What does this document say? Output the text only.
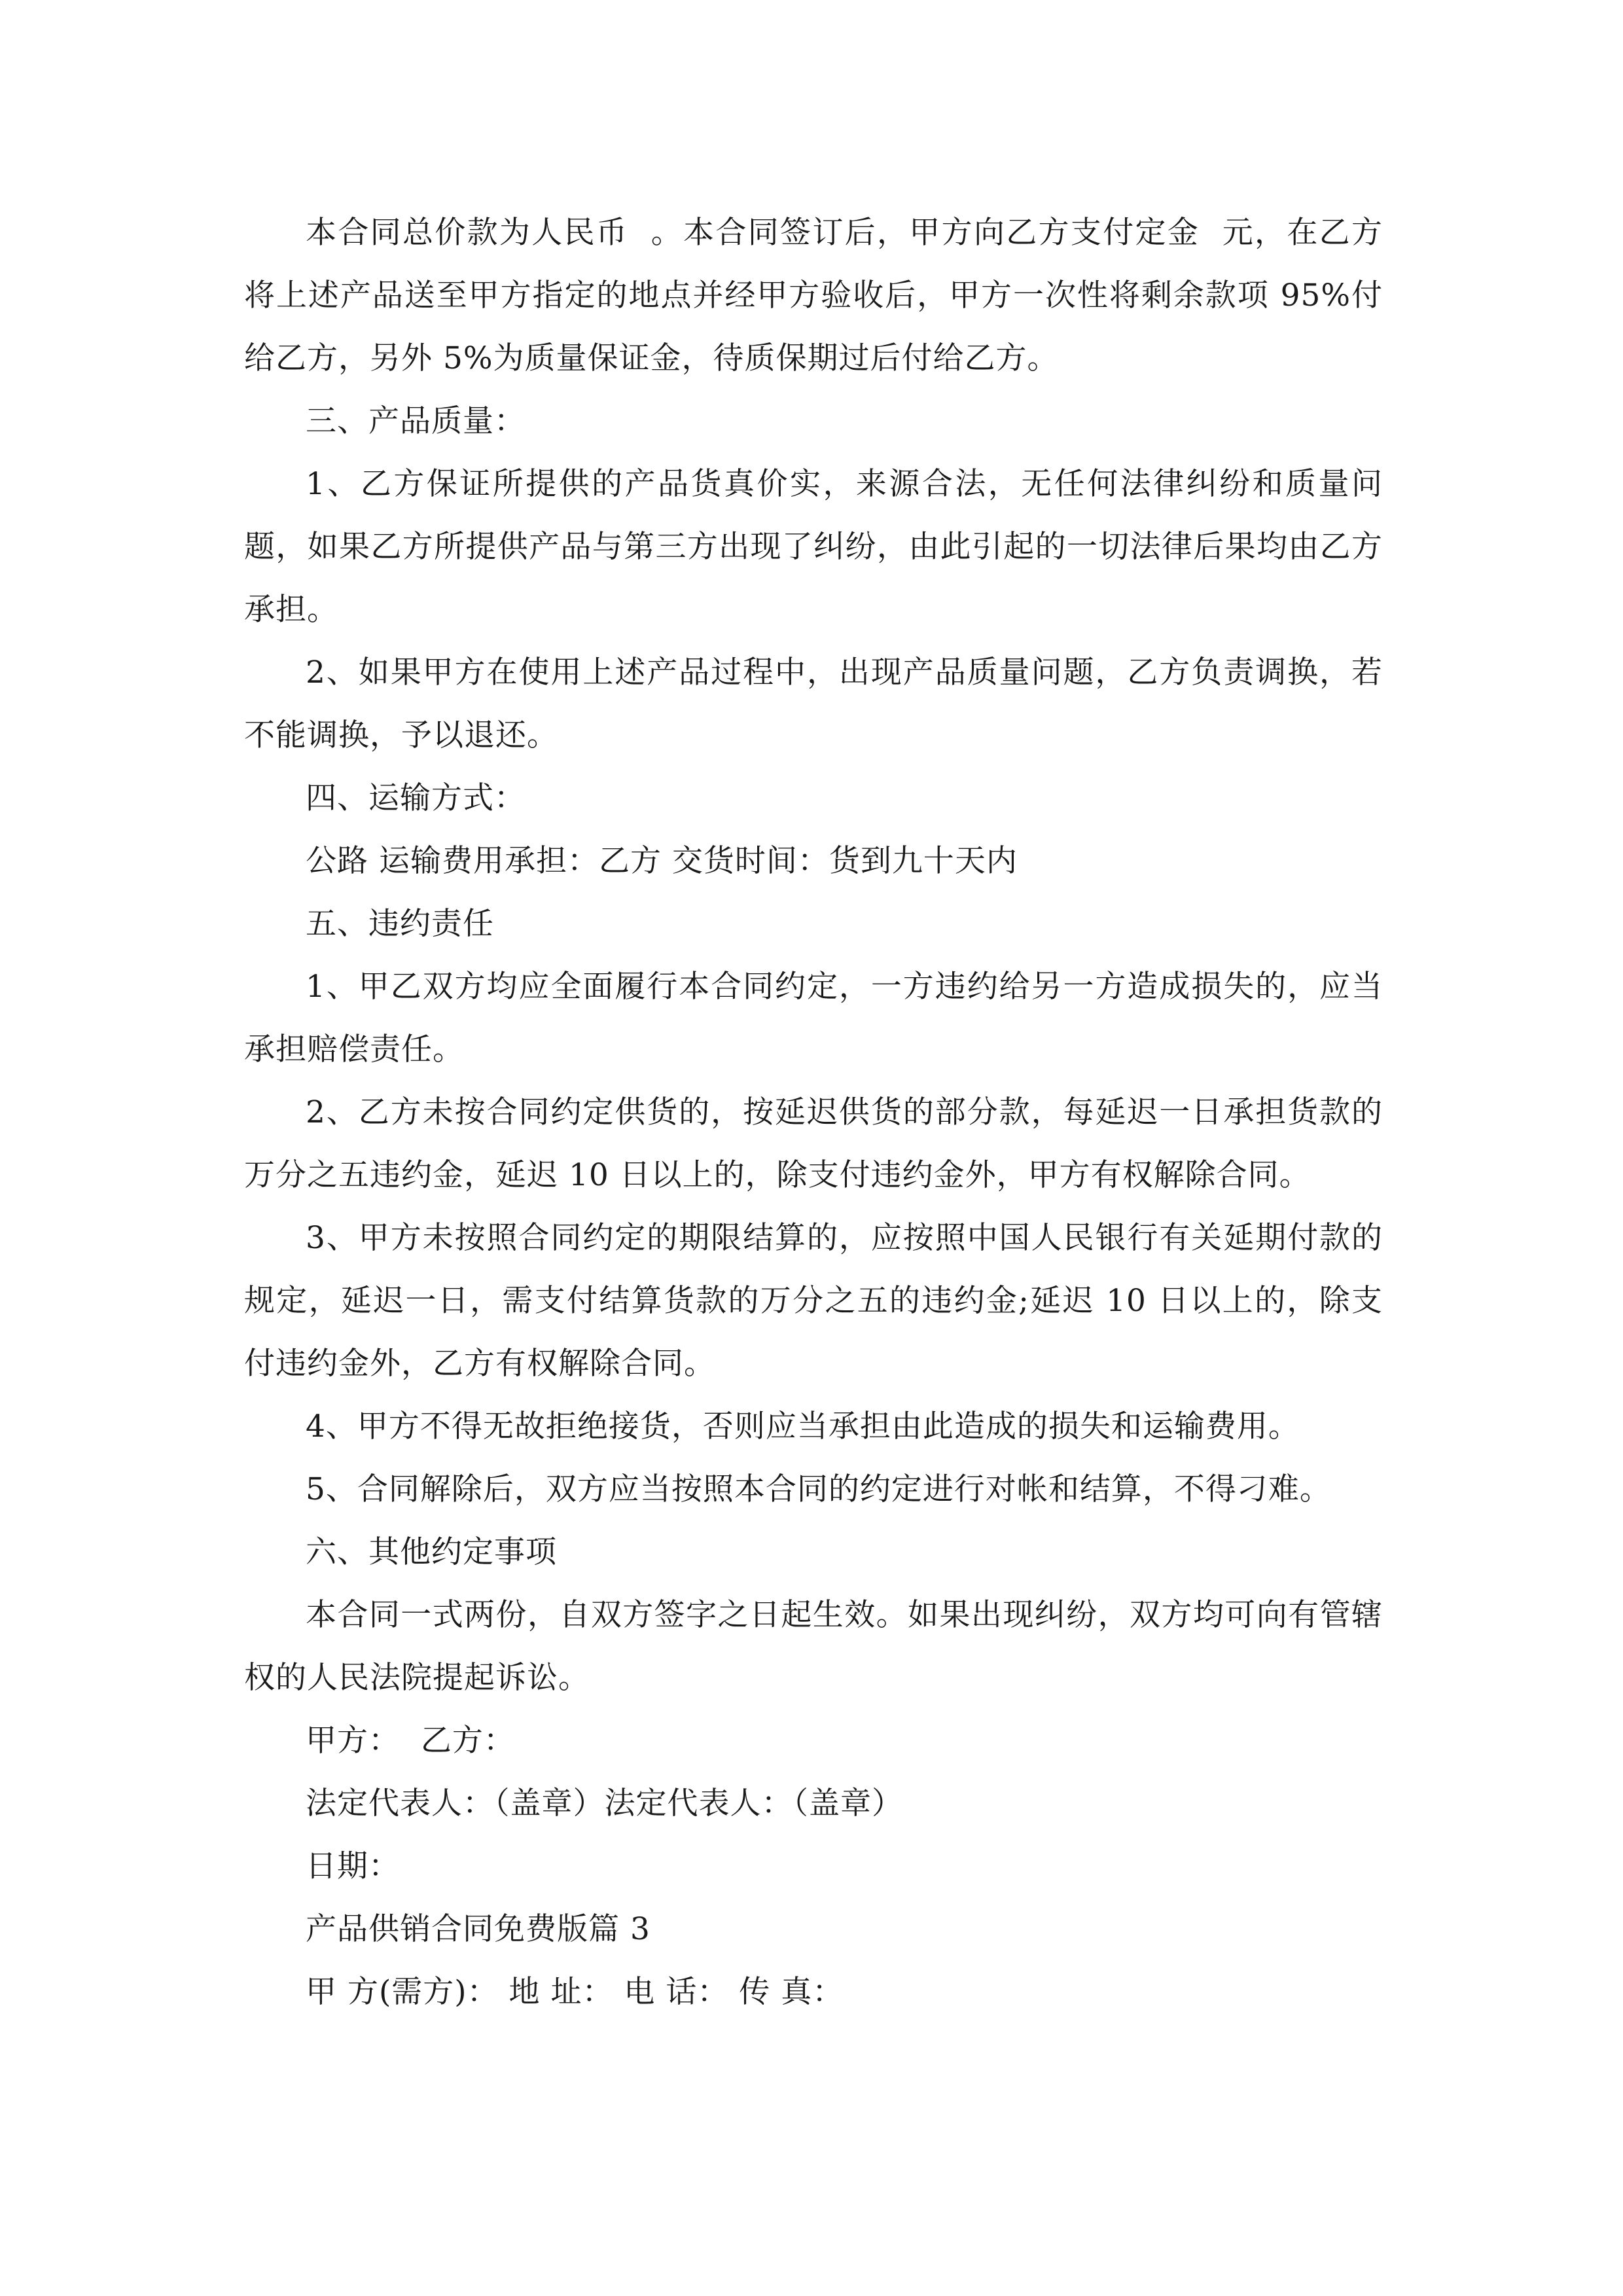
本合同总价款为人民币  。本合同签订后，甲方向乙方支付定金  元，在乙方将上述产品送至甲方指定的地点并经甲方验收后，甲方一次性将剩余款项 95%付给乙方，另外 5%为质量保证金，待质保期过后付给乙方。

三、产品质量：

1、乙方保证所提供的产品货真价实，来源合法，无任何法律纠纷和质量问题，如果乙方所提供产品与第三方出现了纠纷，由此引起的一切法律后果均由乙方承担。

2、如果甲方在使用上述产品过程中，出现产品质量问题，乙方负责调换，若不能调换，予以退还。

四、运输方式：

公路 运输费用承担：乙方 交货时间：货到九十天内

五、违约责任

1、甲乙双方均应全面履行本合同约定，一方违约给另一方造成损失的，应当承担赔偿责任。

2、乙方未按合同约定供货的，按延迟供货的部分款，每延迟一日承担货款的万分之五违约金，延迟 10 日以上的，除支付违约金外，甲方有权解除合同。

3、甲方未按照合同约定的期限结算的，应按照中国人民银行有关延期付款的规定，延迟一日，需支付结算货款的万分之五的违约金;延迟 10 日以上的，除支付违约金外，乙方有权解除合同。

4、甲方不得无故拒绝接货，否则应当承担由此造成的损失和运输费用。

5、合同解除后，双方应当按照本合同的约定进行对帐和结算，不得刁难。

六、其他约定事项

本合同一式两份，自双方签字之日起生效。如果出现纠纷，双方均可向有管辖权的人民法院提起诉讼。

甲方：  乙方：

法定代表人：（盖章）法定代表人：（盖章）

日期：

产品供销合同免费版篇 3

甲 方(需方)： 地 址： 电 话： 传 真：
